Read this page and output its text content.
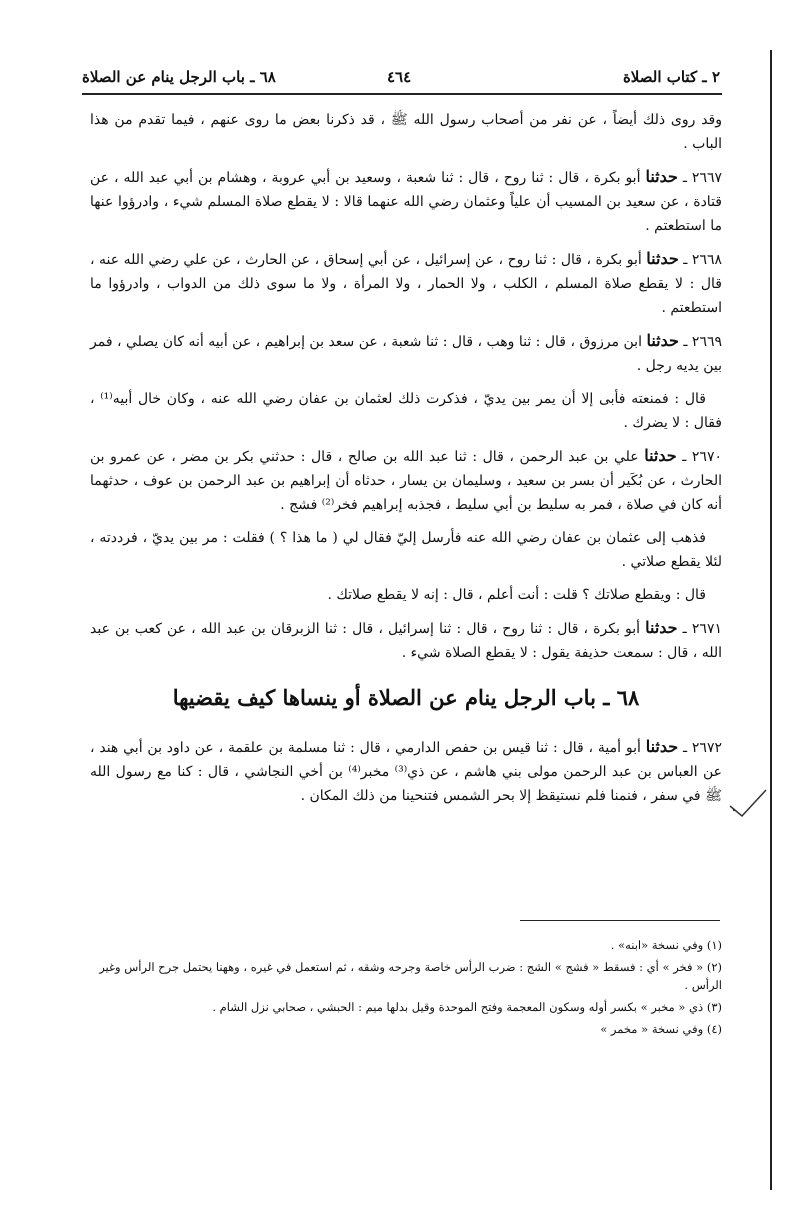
٢ ـ كتاب الصلاة
٤٦٤
٦٨ ـ باب الرجل ينام عن الصلاة
وقد روى ذلك أيضاً ، عن نفر من أصحاب رسول الله ﷺ ، قد ذكرنا بعض ما روى عنهم ، فيما تقدم من هذا الباب .
٢٦٦٧ ـ حدثنا أبو بكرة ، قال : ثنا روح ، قال : ثنا شعبة ، وسعيد بن أبي عروبة ، وهشام بن أبي عبد الله ، عن قتادة ، عن سعيد بن المسيب أن علياً وعثمان رضي الله عنهما قالا : لا يقطع صلاة المسلم شيء ، وادرؤوا عنها ما استطعتم .
٢٦٦٨ ـ حدثنا أبو بكرة ، قال : ثنا روح ، عن إسرائيل ، عن أبي إسحاق ، عن الحارث ، عن علي رضي الله عنه ، قال : لا يقطع صلاة المسلم ، الكلب ، ولا الحمار ، ولا المرأة ، ولا ما سوى ذلك من الدواب ، وادرؤوا ما استطعتم .
٢٦٦٩ ـ حدثنا ابن مرزوق ، قال : ثنا وهب ، قال : ثنا شعبة ، عن سعد بن إبراهيم ، عن أبيه أنه كان يصلي ، فمر بين يديه رجل .
قال : فمنعته فأبى إلا أن يمر بين يديّ ، فذكرت ذلك لعثمان بن عفان رضي الله عنه ، وكان خال أبيه⁽¹⁾ ، فقال : لا يضرك .
٢٦٧٠ ـ حدثنا علي بن عبد الرحمن ، قال : ثنا عبد الله بن صالح ، قال : حدثني بكر بن مضر ، عن عمرو بن الحارث ، عن بُكَير أن بسر بن سعيد ، وسليمان بن يسار ، حدثاه أن إبراهيم بن عبد الرحمن بن عوف ، حدثهما أنه كان في صلاة ، فمر به سليط بن أبي سليط ، فجذبه إبراهيم فخر⁽²⁾ فشج .
فذهب إلى عثمان بن عفان رضي الله عنه فأرسل إليّ فقال لي ( ما هذا ؟ ) فقلت : مر بين يديّ ، فرددته ، لئلا يقطع صلاتي .
قال : ويقطع صلاتك ؟ قلت : أنت أعلم ، قال : إنه لا يقطع صلاتك .
٢٦٧١ ـ حدثنا أبو بكرة ، قال : ثنا روح ، قال : ثنا إسرائيل ، قال : ثنا الزبرقان بن عبد الله ، عن كعب بن عبد الله ، قال : سمعت حذيفة يقول : لا يقطع الصلاة شيء .
٦٨ ـ باب الرجل ينام عن الصلاة أو ينساها كيف يقضيها
٢٦٧٢ ـ حدثنا أبو أمية ، قال : ثنا قيس بن حفص الدارمي ، قال : ثنا مسلمة بن علقمة ، عن داود بن أبي هند ، عن العباس بن عبد الرحمن مولى بني هاشم ، عن ذي⁽³⁾ مخبر⁽⁴⁾ بن أخي النجاشي ، قال : كنا مع رسول الله ﷺ في سفر ، فنمنا فلم نستيقظ إلا بحر الشمس فتنحينا من ذلك المكان .
(١) وفي نسخة «ابنه» .
(٢) « فخر » أي : فسقط « فشج » الشج : ضرب الرأس خاصة وجرحه وشقه ، ثم استعمل في غيره ، وههنا يحتمل جرح الرأس وغير الرأس .
(٣) ذي « مخبر » بكسر أوله وسكون المعجمة وفتح الموحدة وقيل بدلها ميم : الحبشي ، صحابي نزل الشام .
(٤) وفي نسخة « مخمر »
